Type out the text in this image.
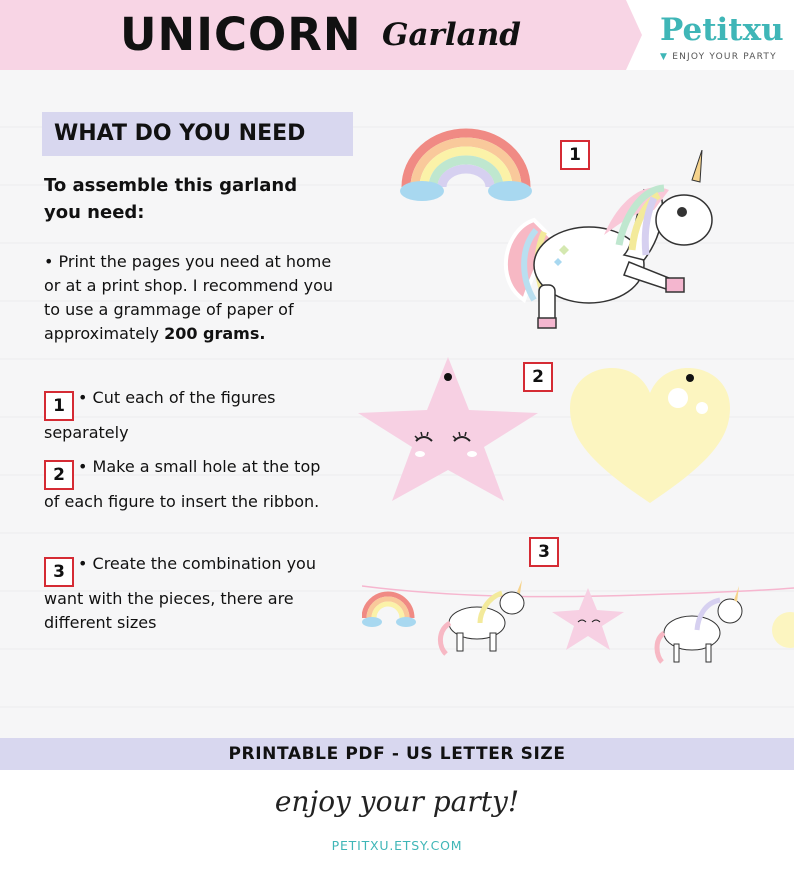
UNICORN Garland	Petitxu
▼ ENJOY YOUR PARTY
WHAT DO YOU NEED
To assemble this garland you need:
• Print the pages you need at home or at a print shop. I recommend you to use a grammage of paper of approximately 200 grams.
1 • Cut each of the figures separately
2 • Make a small hole at the top of each figure to insert the ribbon.
3 • Create the combination you want with the pieces, there are different sizes
1
2
3
PRINTABLE PDF - US LETTER SIZE
enjoy your party!
PETITXU.ETSY.COM
